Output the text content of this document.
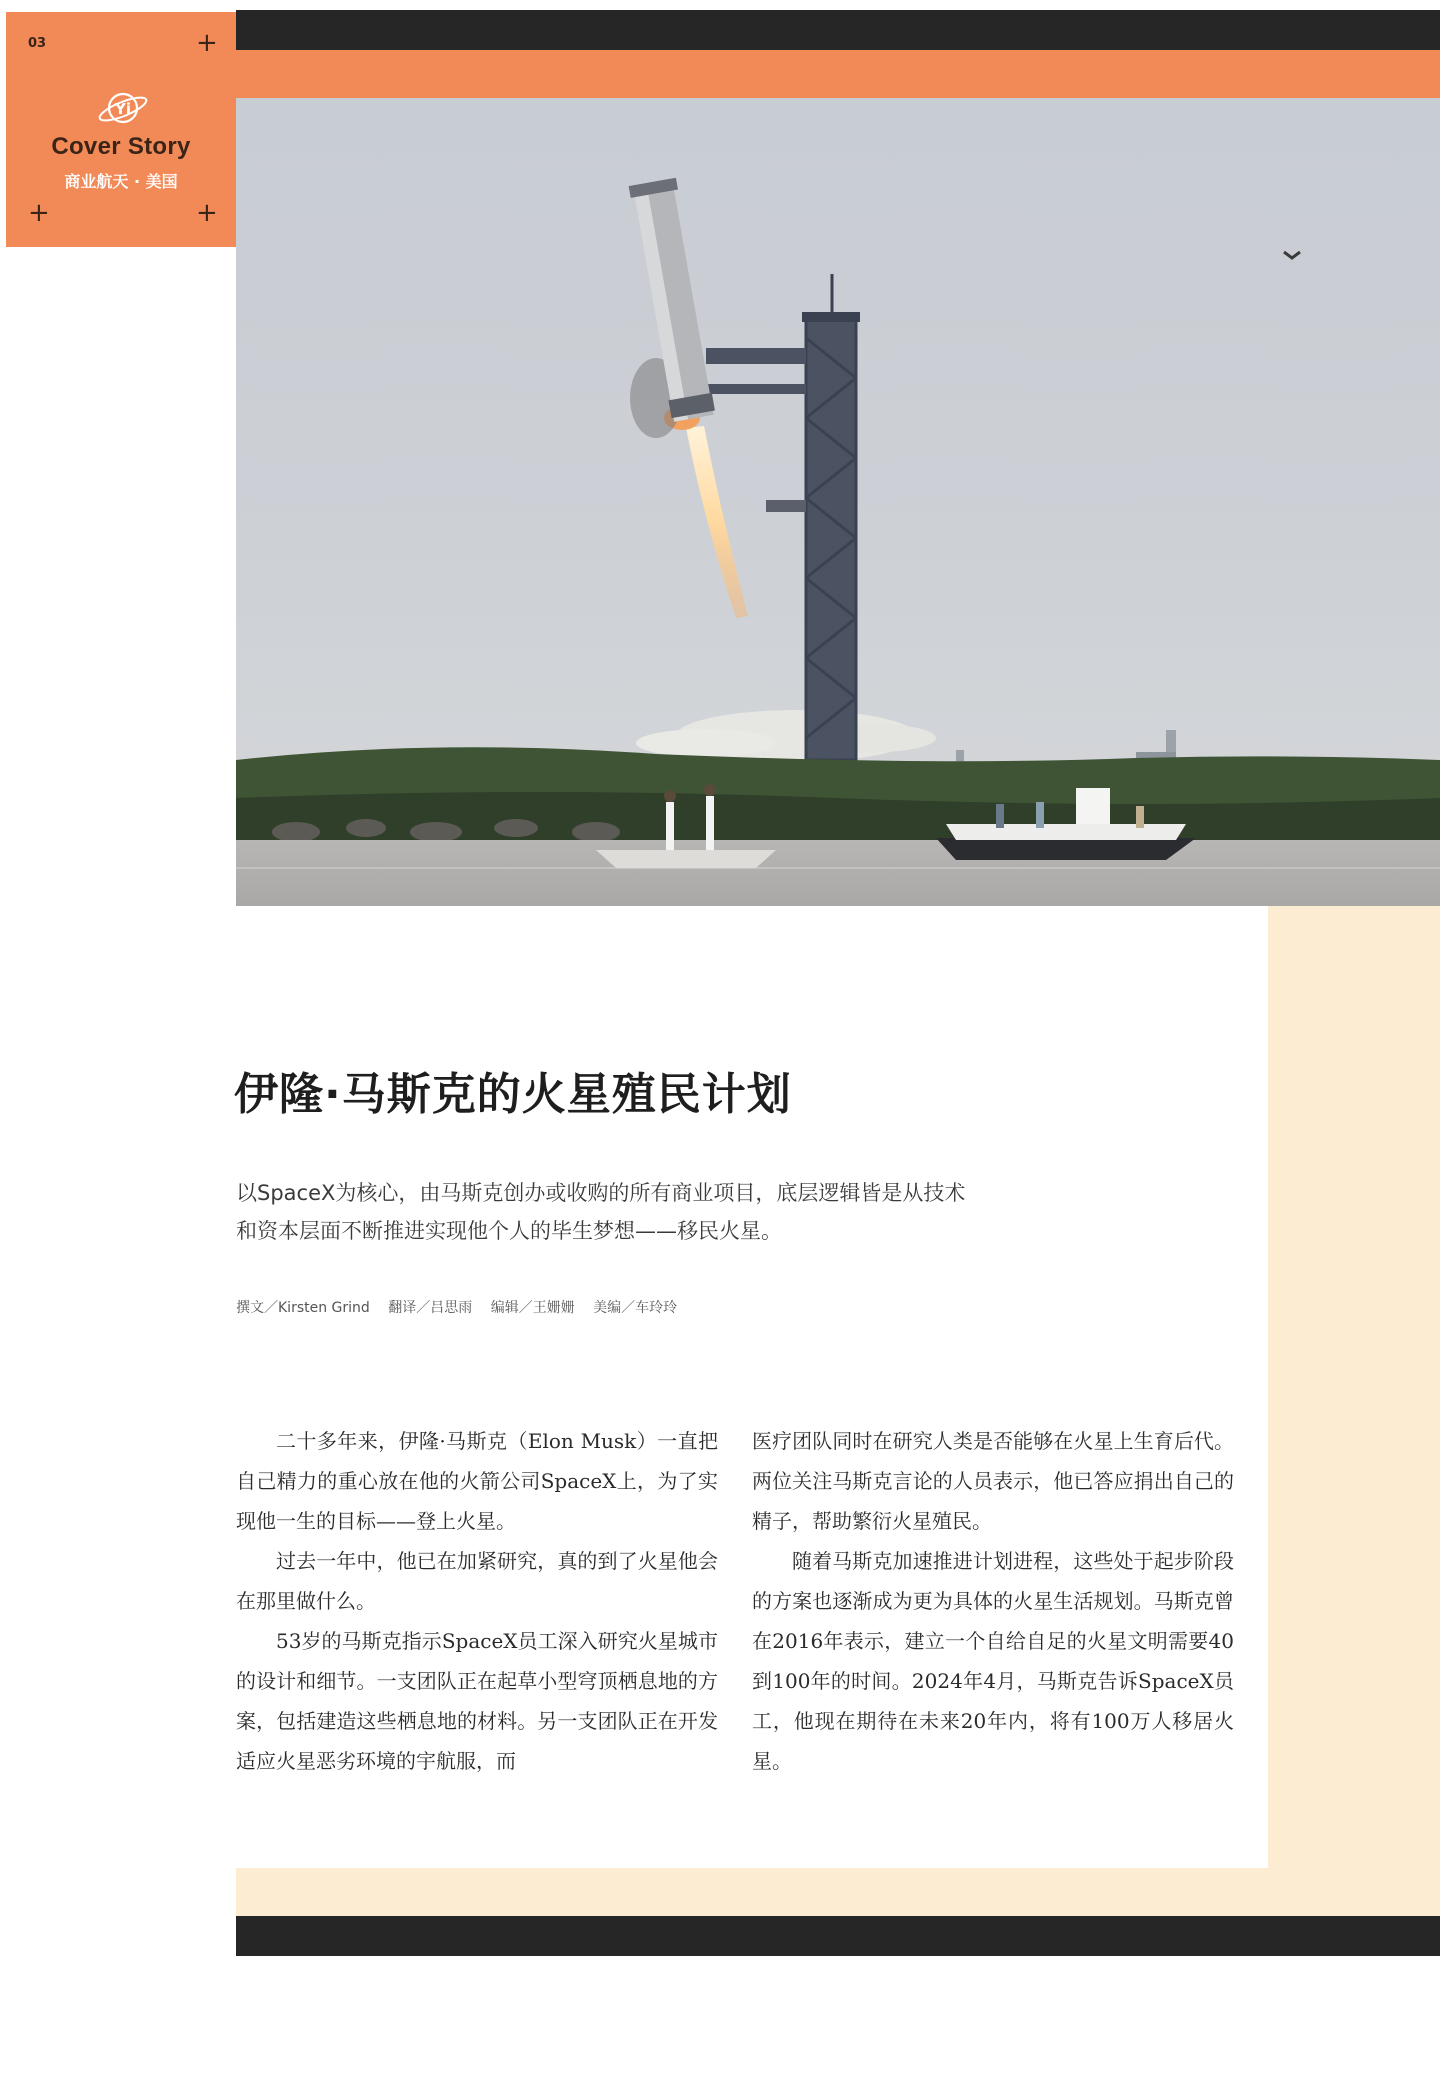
03	+
+	+
Yi
Cover Story
商业航天 · 美国
伊隆·马斯克的火星殖民计划
以SpaceX为核心，由马斯克创办或收购的所有商业项目，底层逻辑皆是从技术和资本层面不断推进实现他个人的毕生梦想——移民火星。
撰文／Kirsten Grind 翻译／吕思雨 编辑／王姗姗 美编／车玲玲

二十多年来，伊隆·马斯克（Elon Musk）一直把自己精力的重心放在他的火箭公司SpaceX上，为了实现他一生的目标——登上火星。

过去一年中，他已在加紧研究，真的到了火星他会在那里做什么。

53岁的马斯克指示SpaceX员工深入研究火星城市的设计和细节。一支团队正在起草小型穹顶栖息地的方案，包括建造这些栖息地的材料。另一支团队正在开发适应火星恶劣环境的宇航服，而

医疗团队同时在研究人类是否能够在火星上生育后代。两位关注马斯克言论的人员表示，他已答应捐出自己的精子，帮助繁衍火星殖民。

随着马斯克加速推进计划进程，这些处于起步阶段的方案也逐渐成为更为具体的火星生活规划。马斯克曾在2016年表示，建立一个自给自足的火星文明需要40到100年的时间。2024年4月，马斯克告诉SpaceX员工，他现在期待在未来20年内，将有100万人移居火星。
